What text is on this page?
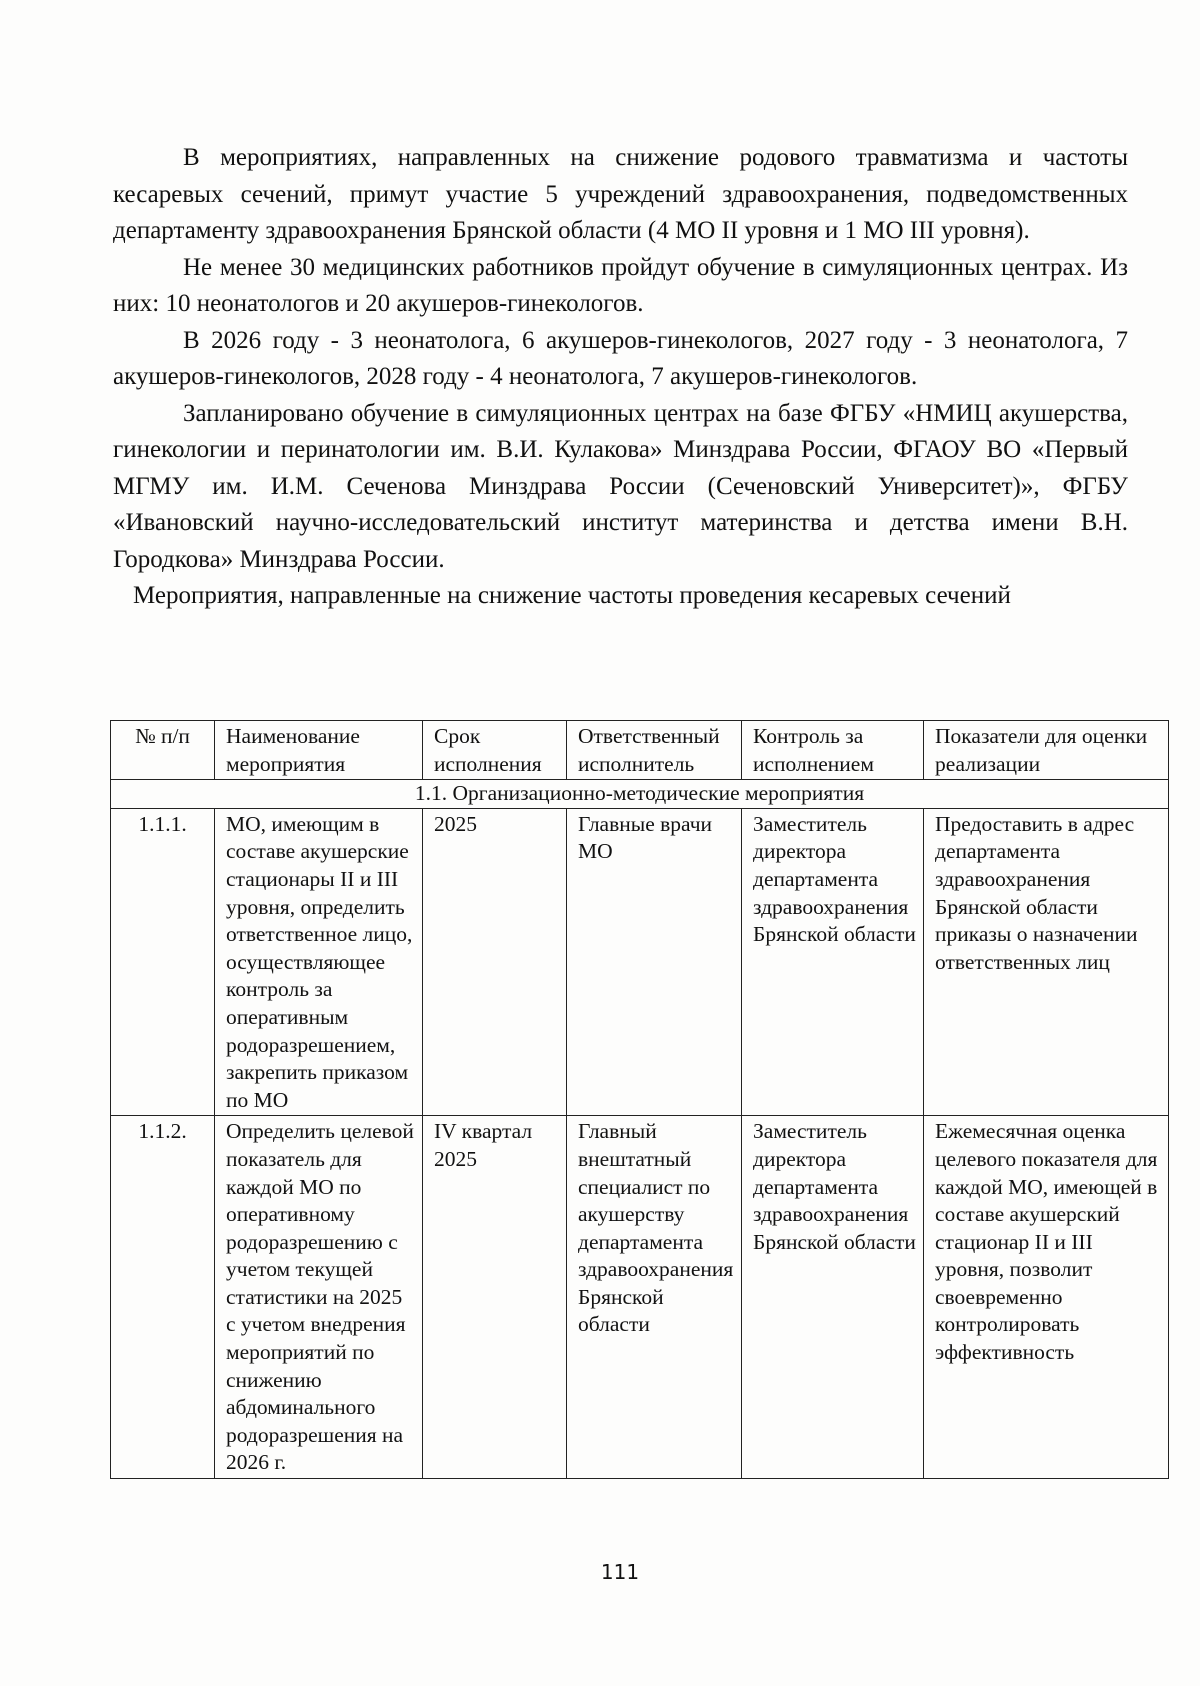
В мероприятиях, направленных на снижение родового травматизма и частоты кесаревых сечений, примут участие 5 учреждений здравоохранения, подведомственных департаменту здравоохранения Брянской области (4 МО II уровня и 1 МО III уровня).

Не менее 30 медицинских работников пройдут обучение в симуляционных центрах. Из них: 10 неонатологов и 20 акушеров-гинекологов.

В 2026 году - 3 неонатолога, 6 акушеров-гинекологов, 2027 году - 3 неонатолога, 7 акушеров-гинекологов, 2028 году - 4 неонатолога, 7 акушеров-гинекологов.

Запланировано обучение в симуляционных центрах на базе ФГБУ «НМИЦ акушерства, гинекологии и перинатологии им. В.И. Кулакова» Минздрава России, ФГАОУ ВО «Первый МГМУ им. И.М. Сеченова Минздрава России (Сеченовский Университет)», ФГБУ «Ивановский научно-исследовательский институт материнства и детства имени В.Н. Городкова» Минздрава России.

Мероприятия, направленные на снижение частоты проведения кесаревых сечений

№ п/п	Наименование мероприятия	Срок исполнения	Ответственный исполнитель	Контроль за исполнением	Показатели для оценки реализации
1.1. Организационно-методические мероприятия					
1.1.1.	МО, имеющим в составе акушерские стационары II и III уровня, определить ответственное лицо, осуществляющее контроль за оперативным родоразрешением, закрепить приказом по МО	2025	Главные врачи МО	Заместитель директора департамента здравоохранения Брянской области	Предоставить в адрес департамента здравоохранения Брянской области приказы о назначении ответственных лиц
1.1.2.	Определить целевой показатель для каждой МО по оперативному родоразрешению с учетом текущей статистики на 2025 с учетом внедрения мероприятий по снижению абдоминального родоразрешения на 2026 г.	IV квартал 2025	Главный внештатный специалист по акушерству департамента здравоохранения Брянской области	Заместитель директора департамента здравоохранения Брянской области	Ежемесячная оценка целевого показателя для каждой МО, имеющей в составе акушерский стационар II и III уровня, позволит своевременно контролировать эффективность
111
